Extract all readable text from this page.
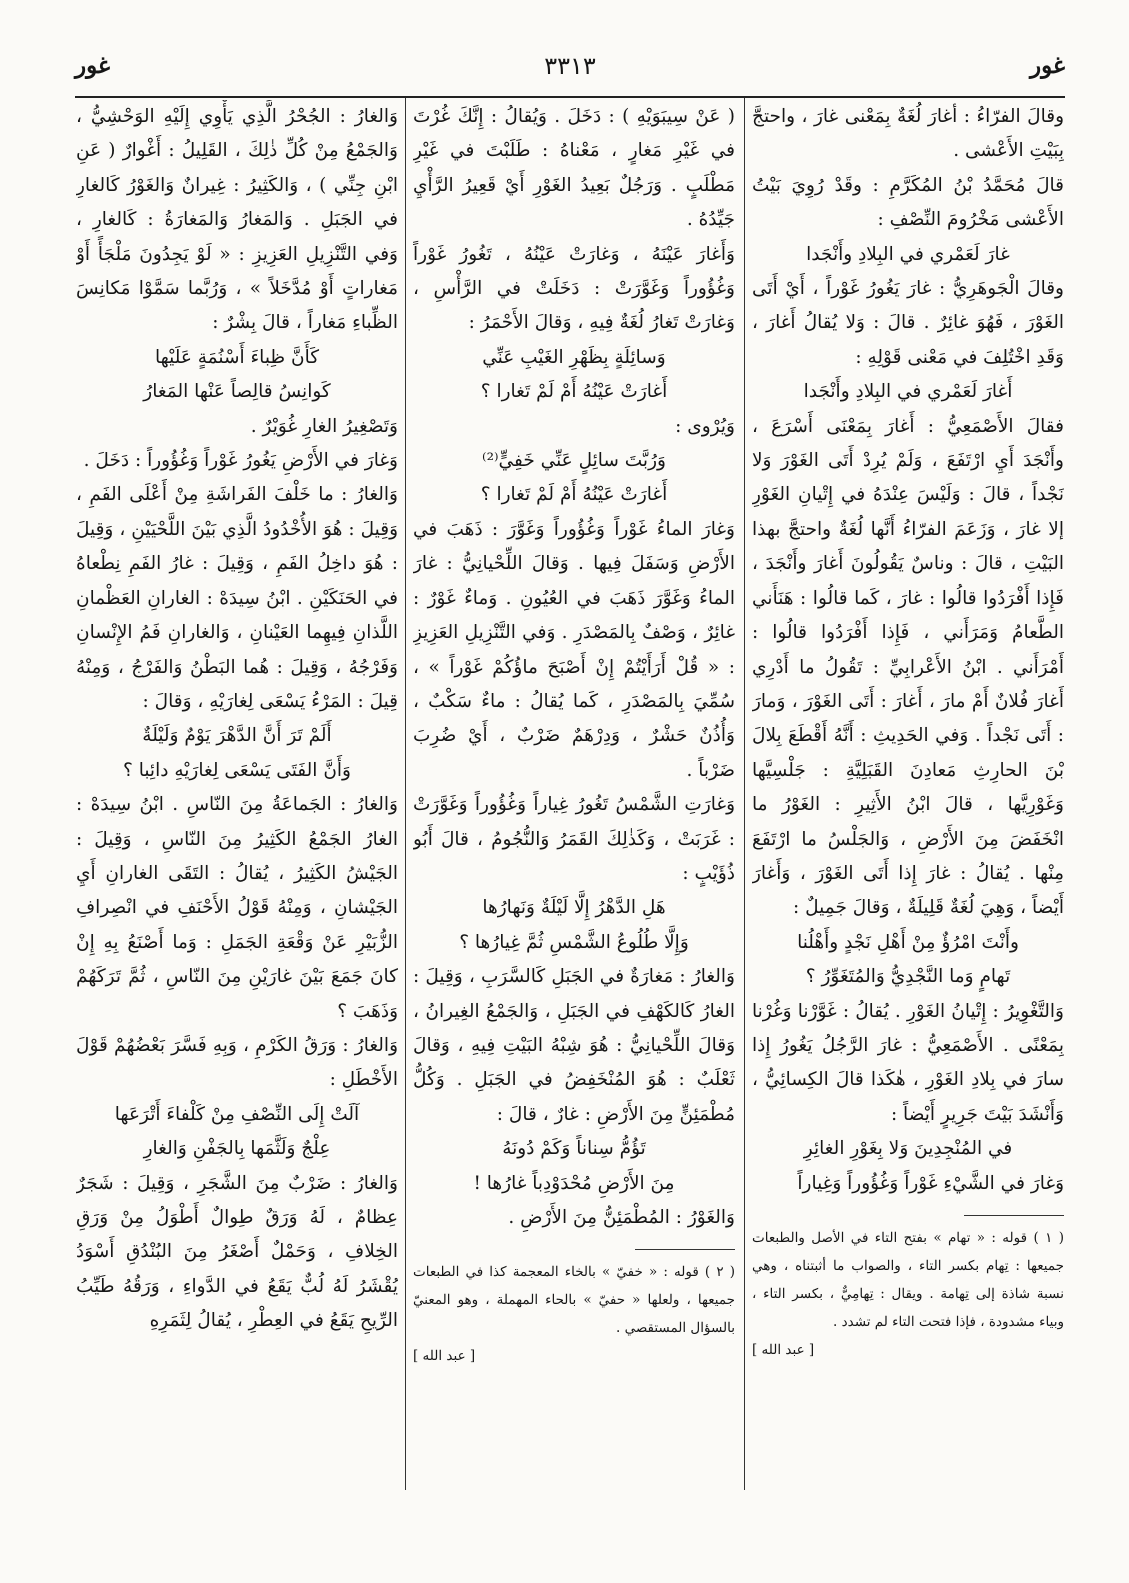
غور
٣٣١٣
غور

وقالَ الفرّاءُ : أغارَ لُغَةٌ بِمَعْنى غارَ ، واحتجَّ بِبَيْتِ الأَعْشى .

قالَ مُحَمَّدُ بْنُ المُكَرَّمِ : وقَدْ رُوِيَ بَيْتُ الأَعْشى مَخْرُومَ النِّصْفِ :

غارَ لَعَمْري في البِلادِ وأَنْجَدا

وقالَ الْجَوهَرِيُّ : غارَ يَغُورُ غَوْراً ، أَيْ أَتَى الغَوْرَ ، فَهُوَ غائِرٌ . قالَ : وَلا يُقالُ أَغارَ ، وَقَدِ اخْتُلِفَ في مَعْنى قَوْلِهِ :

أَغارَ لَعَمْري في البِلادِ وأَنْجَدا

فقالَ الأَصْمَعِيُّ : أَغارَ بِمَعْنَى أَسْرَعَ ، وأَنْجَدَ أَيِ ارْتَفَعَ ، وَلَمْ يُرِدْ أَتَى الغَوْرَ وَلا نَجْداً ، قالَ : وَلَيْسَ عِنْدَهُ في إِتْيانِ الغَوْرِ إلا غارَ ، وَزَعَمَ الفرّاءُ أَنَّها لُغَةٌ واحتجَّ بهذا البَيْتِ ، قالَ : وناسٌ يَقُولُونَ أَغارَ وأَنْجَدَ ، فَإِذا أَفْرَدُوا قالُوا : غارَ ، كَما قالُوا : هَنَأَني الطَّعامُ وَمَرَأَني ، فَإِذا أَفْرَدُوا قالُوا : أَمْرَأَني . ابْنُ الأَعْرابِيِّ : تَقُولُ ما أَدْرِي أَغارَ فُلانٌ أَمْ مارَ ، أَغارَ : أَتَى الغَوْرَ ، وَمارَ : أَتَى نَجْداً . وَفي الحَدِيثِ : أَنَّهُ أَقْطَعَ بِلالَ بْنَ الحارِثِ مَعادِنَ القَبَلِيَّةِ : جَلْسِيَّها وَغَوْرِيَّها ، قالَ ابْنُ الأَثِيرِ : الغَوْرُ ما انْخَفَضَ مِنَ الأَرْضِ ، وَالجَلْسُ ما ارْتَفَعَ مِنْها . يُقالُ : غارَ إِذا أَتَى الغَوْرَ ، وَأَغارَ أَيْضاً ، وَهِيَ لُغَةٌ قَلِيلَةٌ ، وَقالَ جَمِيلٌ :

وأَنْتَ امْرُؤٌ مِنْ أَهْلِ نَجْدٍ وأَهْلُنا

تَهامٍ وَما النَّجْدِيُّ وَالمُتَغَوِّرُ ؟

وَالتَّغْوِيرُ : إِتْيانُ الغَوْرِ . يُقالُ : غَوَّرْنا وَغُرْنا بِمَعْنًى . الأَصْمَعِيُّ : غارَ الرَّجُلُ يَغُورُ إِذا سارَ في بِلادِ الغَوْرِ ، هٰكَذا قالَ الكِسائِيُّ ، وَأَنْشَدَ بَيْتَ جَرِيرٍ أَيْضاً :

في المُنْجِدِينَ وَلا بِغَوْرِ الغائِرِ

وَغارَ في الشَّيْءِ غَوْراً وَغُؤُوراً وَغِياراً

( ١ ) قوله : « تهام » بفتح التاء في الأصل والطبعات جميعها : تِهام بكسر التاء ، والصواب ما أثبتناه ، وهي نسبة شاذة إلى تِهامة . ويقال : تِهامِيٌّ ، بكسر التاء ، وبياء مشدودة ، فإذا فتحت التاء لم تشدد .

[ عبد الله ]

( عَنْ سِيبَوَيْهِ ) : دَخَلَ . وَيُقالُ : إِنَّكَ غُرْتَ في غَيْرِ مَغارٍ ، مَعْناهُ : طَلَبْتَ في غَيْرِ مَطْلَبٍ . وَرَجُلٌ بَعِيدُ الغَوْرِ أَيْ قَعِيرُ الرَّأْيِ جَيِّدُهُ .

وَأَغارَ عَيْنَهُ ، وَغارَتْ عَيْنُهُ ، تَغُورُ غَوْراً وَغُؤُوراً وَغَوَّرَتْ : دَخَلَتْ في الرَّأْسِ ، وَغارَتْ تَغارُ لُغَةٌ فِيهِ ، وَقالَ الأَحْمَرُ :

وَسائِلَةٍ بِظَهْرِ الغَيْبِ عَنِّي

أَغارَتْ عَيْنُهُ أَمْ لَمْ تَغارا ؟

وَيُرْوى :

وَرُبَّتَ سائِلٍ عَنِّي خَفِيٍّ⁽²⁾

أَغارَتْ عَيْنُهُ أَمْ لَمْ تَغارا ؟

وَغارَ الماءُ غَوْراً وَغُؤُوراً وَغَوَّرَ : ذَهَبَ في الأَرْضِ وَسَفَلَ فِيها . وَقالَ اللِّحْيانِيُّ : غارَ الماءُ وَغَوَّرَ ذَهَبَ في العُيُونِ . وَماءٌ غَوْرٌ : غائِرٌ ، وَصْفٌ بِالمَصْدَرِ . وَفي التَّنْزِيلِ العَزِيزِ : « قُلْ أَرَأَيْتُمْ إِنْ أَصْبَحَ ماؤُكُمْ غَوْراً » ، سُمِّيَ بِالمَصْدَرِ ، كَما يُقالُ : ماءٌ سَكْبٌ ، وَأُذُنٌ حَشْرٌ ، وَدِرْهَمٌ ضَرْبٌ ، أَيْ ضُرِبَ ضَرْباً .

وَغارَتِ الشَّمْسُ تَغُورُ غِياراً وَغُؤُوراً وَغَوَّرَتْ : غَرَبَتْ ، وَكَذٰلِكَ القَمَرُ وَالنُّجُومُ ، قالَ أَبُو ذُؤَيْبٍ :

هَلِ الدَّهْرُ إِلَّا لَيْلَةٌ وَنَهارُها

وَإِلَّا طُلُوعُ الشَّمْسِ ثُمَّ غِيارُها ؟

وَالغارُ : مَغارَةٌ في الجَبَلِ كَالسَّرَبِ ، وَقِيلَ : الغارُ كَالكَهْفِ في الجَبَلِ ، وَالجَمْعُ الغِيرانُ ، وَقالَ اللِّحْيانِيُّ : هُوَ شِبْهُ البَيْتِ فِيهِ ، وَقالَ ثَعْلَبٌ : هُوَ المُنْخَفِضُ في الجَبَلِ . وَكُلُّ مُطْمَئِنٍّ مِنَ الأَرْضِ : غارٌ ، قالَ :

تَؤُمُّ سِناناً وَكَمْ دُونَهُ

مِنَ الأَرْضِ مُحْدَوْدِباً غارُها !

وَالغَوْرُ : المُطْمَئِنُّ مِنَ الأَرْضِ .

( ٢ ) قوله : « خفيّ » بالخاء المعجمة كذا في الطبعات جميعها ، ولعلها « حفيّ » بالحاء المهملة ، وهو المعنيّ بالسؤال المستقصي .

[ عبد الله ]

وَالغارُ : الجُحْرُ الَّذِي يَأْوِي إِلَيْهِ الوَحْشِيُّ ، وَالجَمْعُ مِنْ كُلِّ ذٰلِكَ ، القَلِيلُ : أَغْوارٌ ( عَنِ ابْنِ جِنِّي ) ، وَالكَثِيرُ : غِيرانٌ وَالغَوْرُ كَالغارِ في الجَبَلِ . وَالمَغارُ وَالمَغارَةُ : كَالغارِ ، وَفي التَّنْزِيلِ العَزِيزِ : « لَوْ يَجِدُونَ مَلْجَأً أَوْ مَغاراتٍ أَوْ مُدَّخَلاً » ، وَرُبَّما سَمَّوْا مَكانِسَ الظِّباءِ مَغاراً ، قالَ بِشْرٌ :

كَأَنَّ ظِباءَ أَسْنُمَةٍ عَلَيْها

كَوانِسُ قالِصاً عَنْها المَغارُ

وَتَصْغِيرُ الغارِ غُوَيْرٌ .

وَغارَ في الأَرْضِ يَغُورُ غَوْراً وَغُؤُوراً : دَخَلَ .

وَالغارُ : ما خَلْفَ الفَراشَةِ مِنْ أَعْلَى الفَمِ ، وَقِيلَ : هُوَ الأُخْدُودُ الَّذِي بَيْنَ اللَّحْيَيْنِ ، وَقِيلَ : هُوَ داخِلُ الفَمِ ، وَقِيلَ : غارُ الفَمِ نِطْعاهُ في الحَنَكَيْنِ . ابْنُ سِيدَهْ : الغارانِ العَظْمانِ اللَّذانِ فِيهِما العَيْنانِ ، وَالغارانِ فَمُ الإِنْسانِ وَفَرْجُهُ ، وَقِيلَ : هُما البَطْنُ وَالفَرْجُ ، وَمِنْهُ قِيلَ : المَرْءُ يَسْعَى لِغارَيْهِ ، وَقالَ :

أَلَمْ تَرَ أَنَّ الدَّهْرَ يَوْمٌ وَلَيْلَةٌ

وَأَنَّ الفَتَى يَسْعَى لِغارَيْهِ دائِبا ؟

وَالغارُ : الجَماعَةُ مِنَ النّاسِ . ابْنُ سِيدَهْ : الغارُ الجَمْعُ الكَثِيرُ مِنَ النّاسِ ، وَقِيلَ : الجَيْشُ الكَثِيرُ ، يُقالُ : التَقَى الغارانِ أَيِ الجَيْشانِ ، وَمِنْهُ قَوْلُ الأَحْنَفِ في انْصِرافِ الزُّبَيْرِ عَنْ وَقْعَةِ الجَمَلِ : وَما أَصْنَعُ بِهِ إِنْ كانَ جَمَعَ بَيْنَ غارَيْنِ مِنَ النّاسِ ، ثُمَّ تَرَكَهُمْ وَذَهَبَ ؟

وَالغارُ : وَرَقُ الكَرْمِ ، وَبِهِ فَسَّرَ بَعْضُهُمْ قَوْلَ الأَخْطَلِ :

آلَتْ إِلَى النِّصْفِ مِنْ كَلْفاءَ أَتْرَعَها

عِلْجٌ وَلَثَّمَها بِالجَفْنِ وَالغارِ

وَالغارُ : ضَرْبٌ مِنَ الشَّجَرِ ، وَقِيلَ : شَجَرٌ عِظامٌ ، لَهُ وَرَقٌ طِوالٌ أَطْوَلُ مِنْ وَرَقِ الخِلافِ ، وَحَمْلٌ أَصْغَرُ مِنَ البُنْدُقِ أَسْوَدُ يُقْشَرُ لَهُ لُبٌّ يَقَعُ في الدَّواءِ ، وَرَقُهُ طَيِّبُ الرِّيحِ يَقَعُ في العِطْرِ ، يُقالُ لِثَمَرِهِ
